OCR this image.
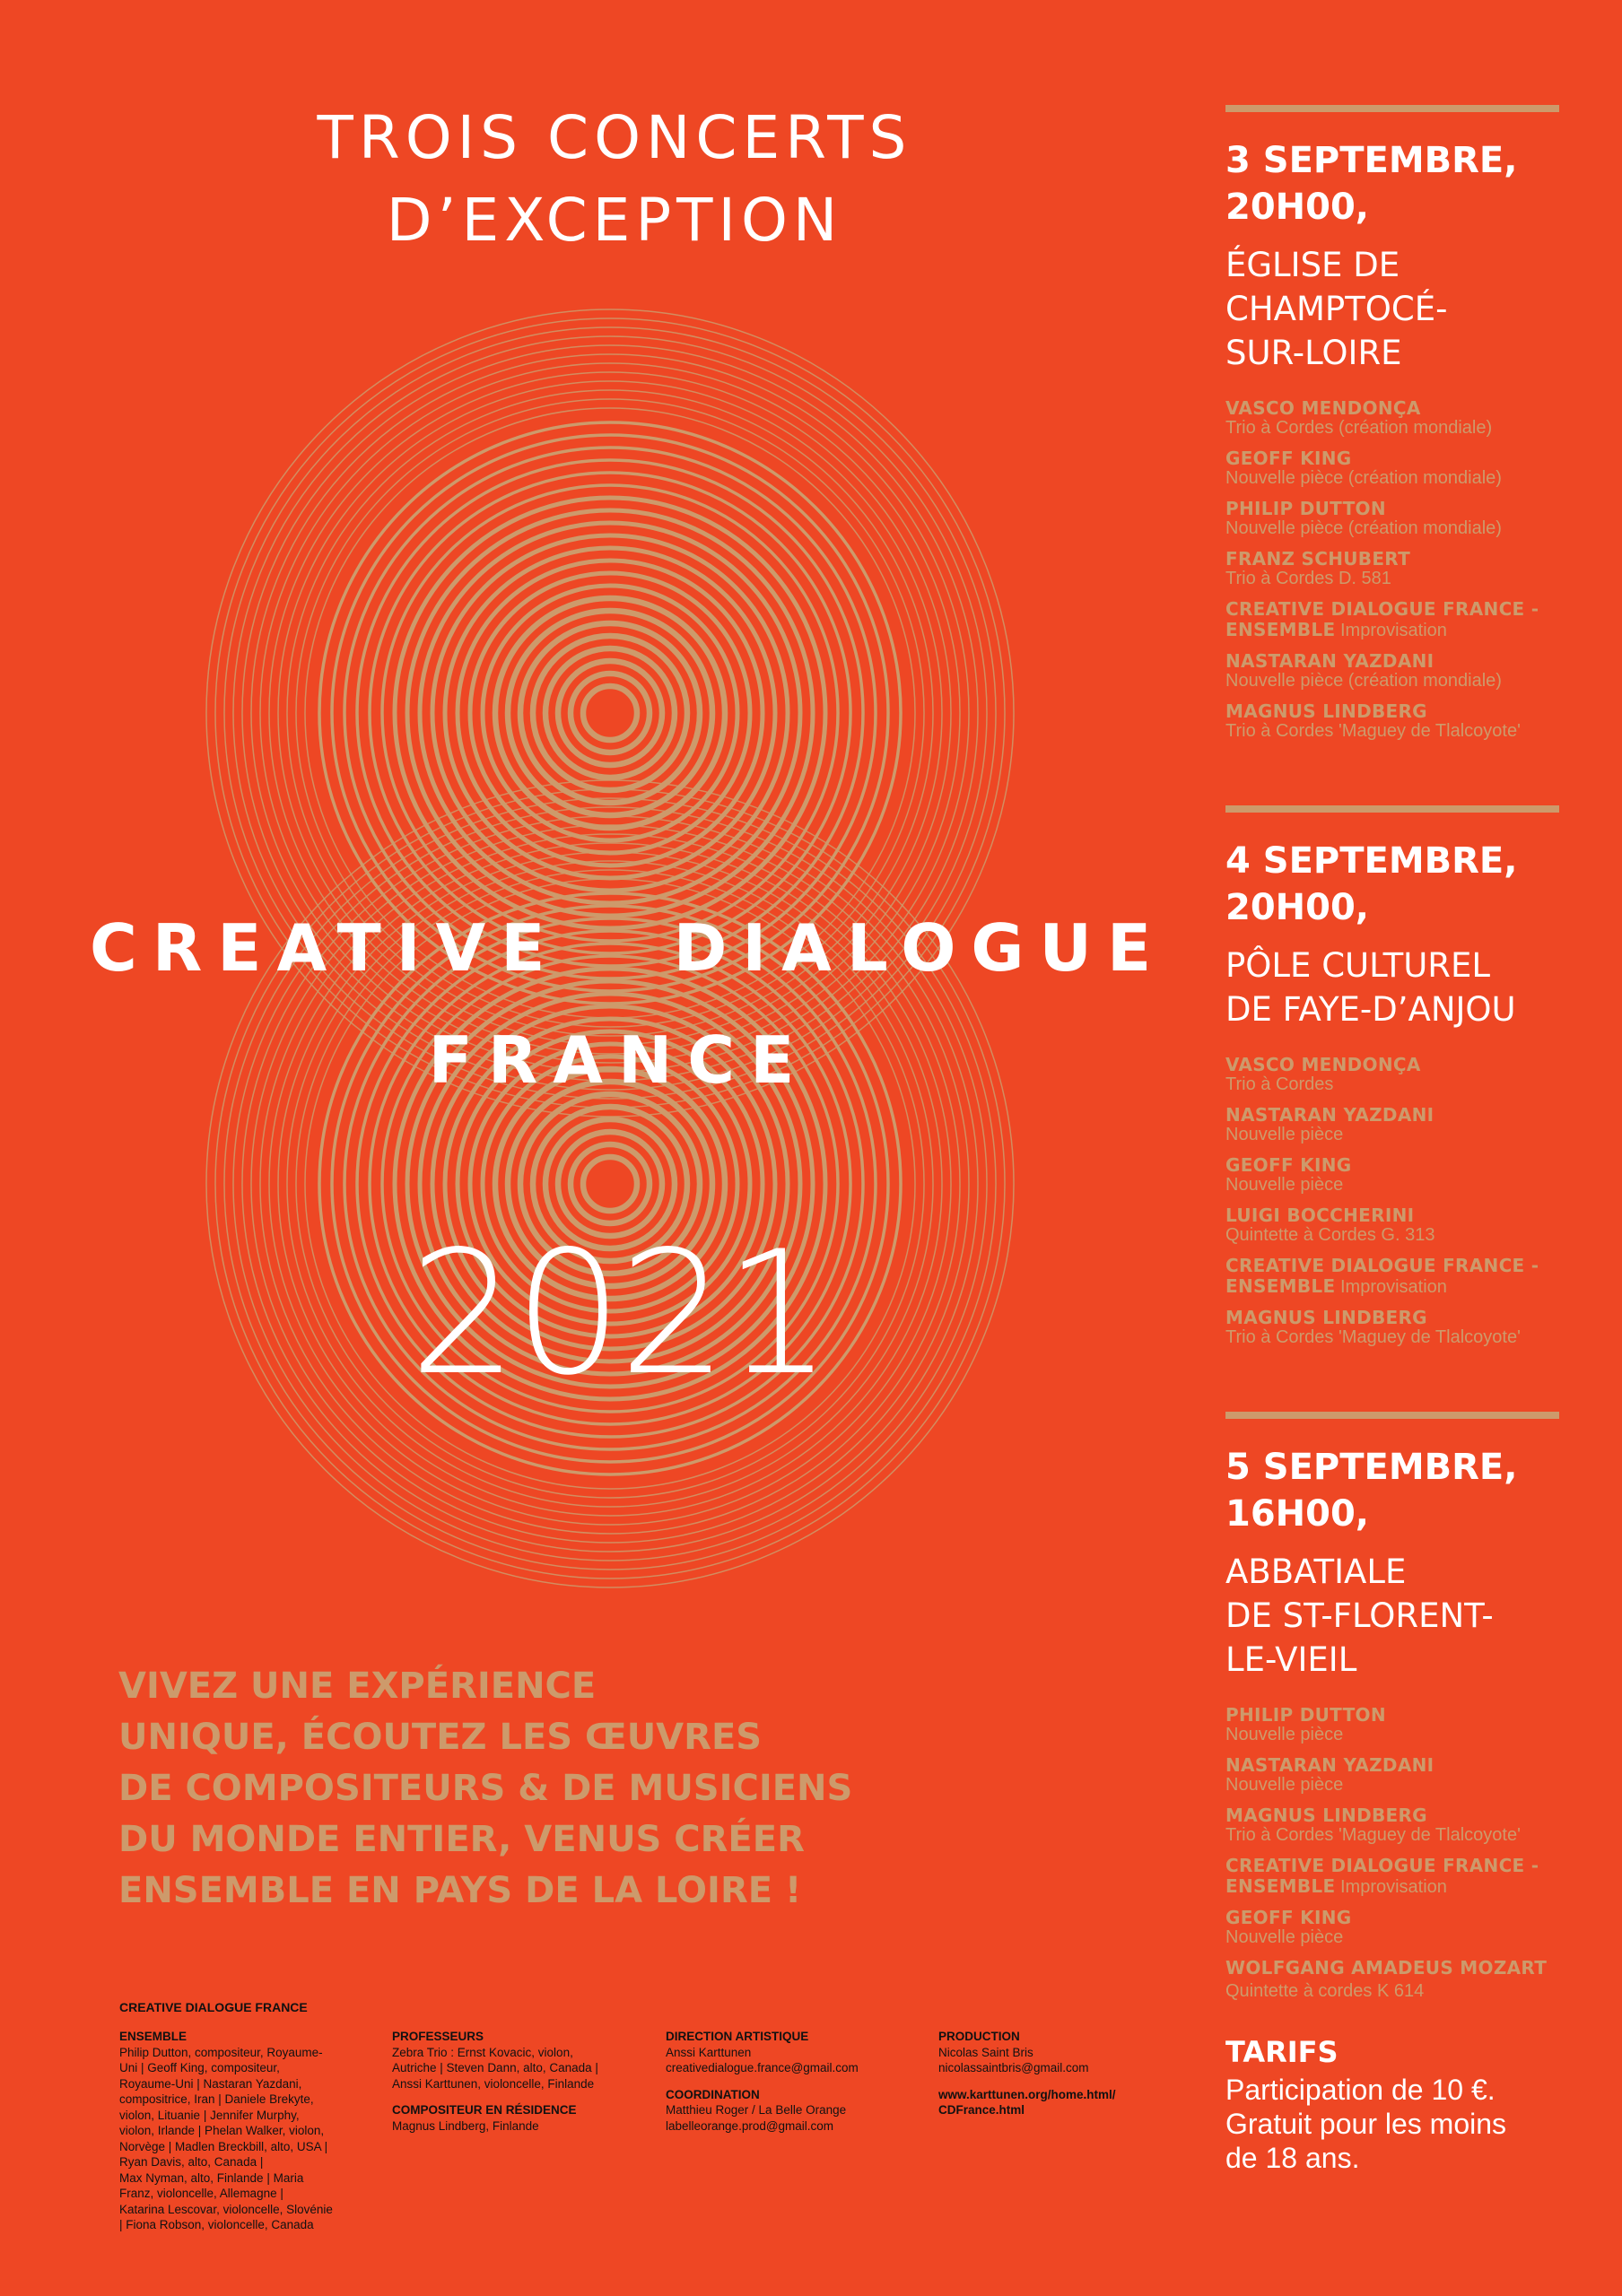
TROIS CONCERTS
D’EXCEPTION
CREATIVE   DIALOGUE
FRANCE
2021
VIVEZ UNE EXPÉRIENCE
UNIQUE, ÉCOUTEZ LES ŒUVRES
DE COMPOSITEURS & DE MUSICIENS
DU MONDE ENTIER, VENUS CRÉER
ENSEMBLE EN PAYS DE LA LOIRE !
CREATIVE DIALOGUE FRANCE
ENSEMBLE
Philip Dutton, compositeur, Royaume-
Uni | Geoff King, compositeur,
Royaume-Uni | Nastaran Yazdani,
compositrice, Iran | Daniele Brekyte,
violon, Lituanie | Jennifer Murphy,
violon, Irlande | Phelan Walker, violon,
Norvège | Madlen Breckbill, alto, USA |
Ryan Davis, alto, Canada |
Max Nyman, alto, Finlande | Maria
Franz, violoncelle, Allemagne |
Katarina Lescovar, violoncelle, Slovénie
| Fiona Robson, violoncelle, Canada
PROFESSEURS
Zebra Trio : Ernst Kovacic, violon,
Autriche | Steven Dann, alto, Canada |
Anssi Karttunen, violoncelle, Finlande
COMPOSITEUR EN RÉSIDENCE
Magnus Lindberg, Finlande
DIRECTION ARTISTIQUE
Anssi Karttunen
creativedialogue.france@gmail.com
COORDINATION
Matthieu Roger / La Belle Orange
labelleorange.prod@gmail.com
PRODUCTION
Nicolas Saint Bris
nicolassaintbris@gmail.com
www.karttunen.org/home.html/
CDFrance.html
3 SEPTEMBRE,
20H00,
ÉGLISE DE
CHAMPTOCÉ-
SUR-LOIRE
VASCO MENDONÇA
Trio à Cordes (création mondiale)
GEOFF KING
Nouvelle pièce (création mondiale)
PHILIP DUTTON
Nouvelle pièce (création mondiale)
FRANZ SCHUBERT
Trio à Cordes D. 581
CREATIVE DIALOGUE FRANCE - ENSEMBLE Improvisation
NASTARAN YAZDANI
Nouvelle pièce (création mondiale)
MAGNUS LINDBERG
Trio à Cordes 'Maguey de Tlalcoyote'
4 SEPTEMBRE,
20H00,
PÔLE CULTUREL
DE FAYE-D’ANJOU
VASCO MENDONÇA
Trio à Cordes
NASTARAN YAZDANI
Nouvelle pièce
GEOFF KING
Nouvelle pièce
LUIGI BOCCHERINI
Quintette à Cordes G. 313
CREATIVE DIALOGUE FRANCE - ENSEMBLE Improvisation
MAGNUS LINDBERG
Trio à Cordes 'Maguey de Tlalcoyote'
5 SEPTEMBRE,
16H00,
ABBATIALE
DE ST-FLORENT-
LE-VIEIL
PHILIP DUTTON
Nouvelle pièce
NASTARAN YAZDANI
Nouvelle pièce
MAGNUS LINDBERG
Trio à Cordes 'Maguey de Tlalcoyote'
CREATIVE DIALOGUE FRANCE - ENSEMBLE Improvisation
GEOFF KING
Nouvelle pièce
WOLFGANG AMADEUS MOZART
Quintette à cordes K 614
TARIFS
Participation de 10 €.
Gratuit pour les moins
de 18 ans.
